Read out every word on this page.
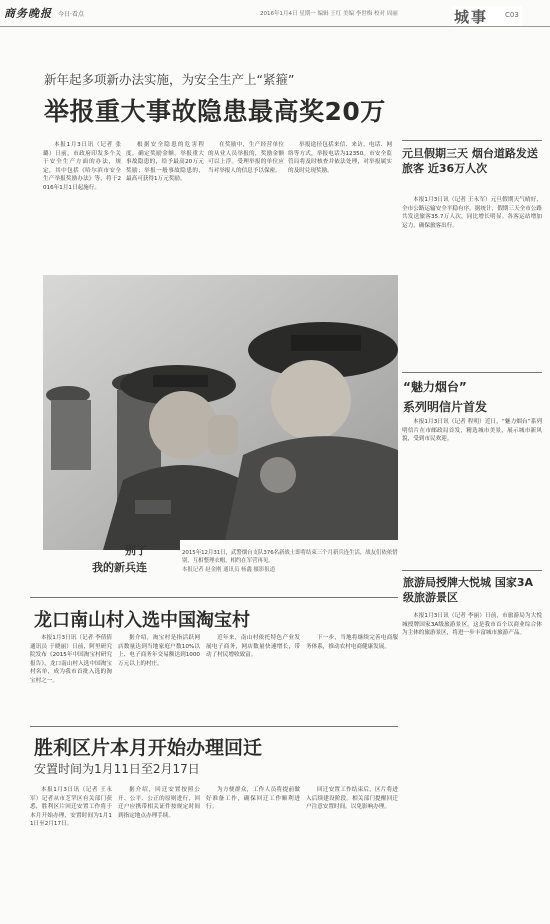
商务晚报 今日·看点	2016年1月4日 星期一 编辑 王红 美编 李世梅 校对 周丽	城事 C03
新年起多项新办法实施，为安全生产上“紧箍”
举报重大事故隐患最高奖20万

本报1月3日讯（记者 张璐）日前，市政府印发多个关于安全生产方面的办法，规定，其中包括《哈尔滨市安全生产举报奖励办法》等，将于2016年1月1日起施行。

根据安全隐患的危害程度，确定奖励金额。举报重大事故隐患的，给予最高20万元奖励；举报一般事故隐患的，最高可获得1万元奖励。

在奖励中，生产经营单位的从业人员举报的，奖励金额可以上浮。受理举报的单位应当对举报人的信息予以保密。

举报途径包括来信、来访、电话、网络等方式，举报电话为12350。市安全监管局将及时核查并依法处理，对举报属实的及时兑现奖励。

元旦假期三天 烟台道路发送旅客 近36万人次

本报1月3日讯（记者 王永军）元旦假期天气晴好，全市公路运输安全平稳有序。据统计，假期三天全市公路共发送旅客35.7万人次，同比增长明显。各客运站增加运力，确保旅客出行。

“魅力烟台”
系列明信片首发

本报1月3日讯（记者 程明）近日，“魅力烟台”系列明信片在市邮政局首发，精选城市美景，展示城市新风貌，受到市民欢迎。

旅游局授牌大悦城 国家3A级旅游景区

本报1月3日讯（记者 李丽）日前，市旅游局为大悦城授牌国家3A级旅游景区。这是我市首个以商业综合体为主体的旅游景区，将进一步丰富城市旅游产品。

别了
我的新兵连
2015年12月31日，武警烟台支队376名新战士即将结束三个月新兵连生活，战友们依依惜别，互相整理衣帽，相约在军营再见。
本报记者 赵金刚 通讯员 杨鑫 摄影报道
龙口南山村入选中国淘宝村

本报1月3日讯（记者 李倩倩 通讯员 于晓丽）日前，阿里研究院发布《2015年中国淘宝村研究报告》，龙口南山村入选中国淘宝村名单，成为我市首批入选的淘宝村之一。

据介绍，淘宝村是指活跃网店数量达到当地家庭户数10%以上、电子商务年交易额达到1000万元以上的村庄。

近年来，南山村依托特色产业发展电子商务，网店数量快速增长，带动了村民增收致富。

下一步，当地将继续完善电商服务体系，推动农村电商健康发展。

胜利区片本月开始办理回迁
安置时间为1月11日至2月17日

本报1月3日讯（记者 王永军）记者从市芝罘区有关部门获悉，胜利区片回迁安置工作将于本月开始办理，安置时间为1月11日至2月17日。

据介绍，回迁安置按照公开、公平、公正的原则进行，回迁户应携带相关证件按规定时间到指定地点办理手续。

为方便群众，工作人员将提前做好准备工作，确保回迁工作顺利进行。

回迁安置工作结束后，区片将进入后续建设阶段。相关部门提醒回迁户注意安置时间，以免影响办理。
